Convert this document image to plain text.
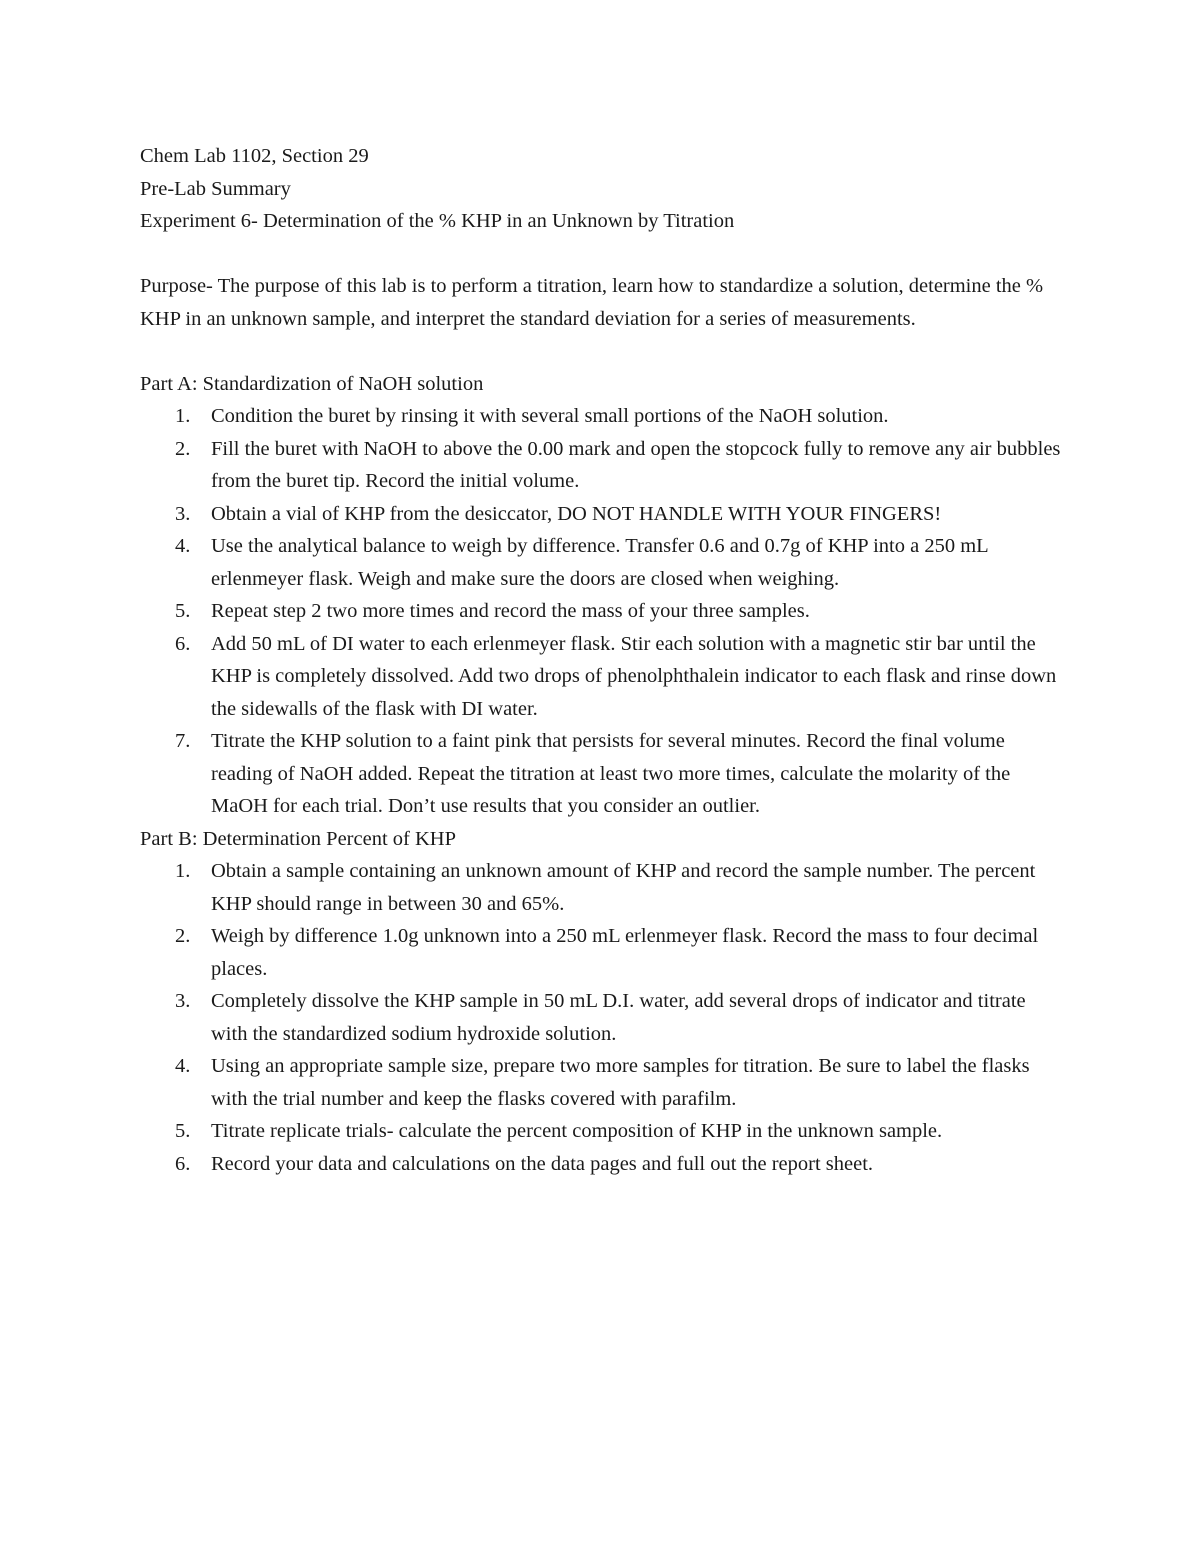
Chem Lab 1102, Section 29

Pre-Lab Summary

Experiment 6- Determination of the % KHP in an Unknown by Titration

Purpose- The purpose of this lab is to perform a titration, learn how to standardize a solution, determine the % KHP in an unknown sample, and interpret the standard deviation for a series of measurements.

Part A: Standardization of NaOH solution

1. Condition the buret by rinsing it with several small portions of the NaOH solution.
2. Fill the buret with NaOH to above the 0.00 mark and open the stopcock fully to remove any air bubbles from the buret tip. Record the initial volume.
3. Obtain a vial of KHP from the desiccator, DO NOT HANDLE WITH YOUR FINGERS!
4. Use the analytical balance to weigh by difference. Transfer 0.6 and 0.7g of KHP into a 250 mL erlenmeyer flask. Weigh and make sure the doors are closed when weighing.
5. Repeat step 2 two more times and record the mass of your three samples.
6. Add 50 mL of DI water to each erlenmeyer flask. Stir each solution with a magnetic stir bar until the KHP is completely dissolved. Add two drops of phenolphthalein indicator to each flask and rinse down the sidewalls of the flask with DI water.
7. Titrate the KHP solution to a faint pink that persists for several minutes. Record the final volume reading of NaOH added. Repeat the titration at least two more times, calculate the molarity of the MaOH for each trial. Don’t use results that you consider an outlier.

Part B: Determination Percent of KHP

1. Obtain a sample containing an unknown amount of KHP and record the sample number. The percent KHP should range in between 30 and 65%.
2. Weigh by difference 1.0g unknown into a 250 mL erlenmeyer flask. Record the mass to four decimal places.
3. Completely dissolve the KHP sample in 50 mL D.I. water, add several drops of indicator and titrate with the standardized sodium hydroxide solution.
4. Using an appropriate sample size, prepare two more samples for titration. Be sure to label the flasks with the trial number and keep the flasks covered with parafilm.
5. Titrate replicate trials- calculate the percent composition of KHP in the unknown sample.
6. Record your data and calculations on the data pages and full out the report sheet.
